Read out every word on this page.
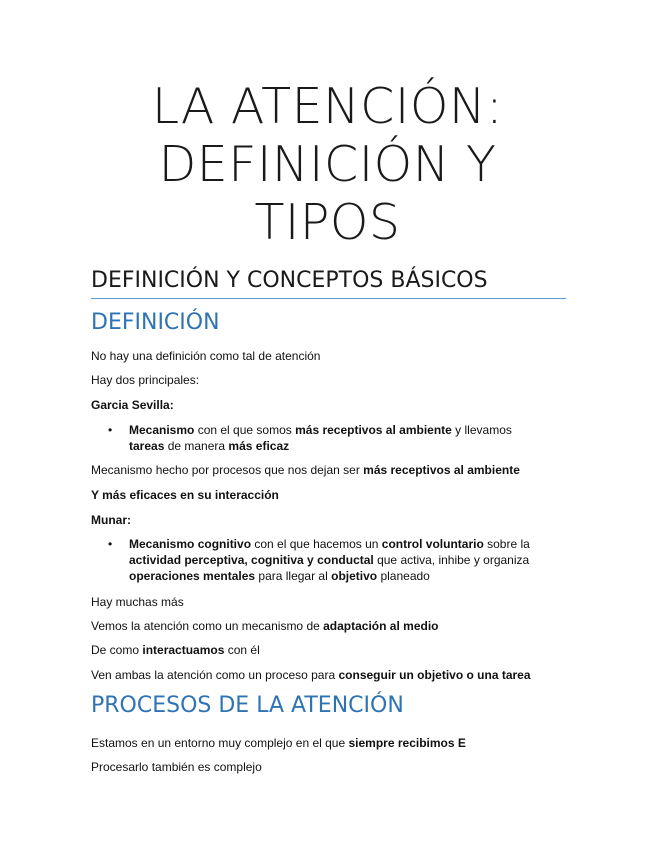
LA ATENCIÓN:
DEFINICIÓN Y
TIPOS
DEFINICIÓN Y CONCEPTOS BÁSICOS
DEFINICIÓN
No hay una definición como tal de atención
Hay dos principales:
Garcia Sevilla:
• Mecanismo con el que somos más receptivos al ambiente y llevamos
tareas de manera más eficaz
Mecanismo hecho por procesos que nos dejan ser más receptivos al ambiente
Y más eficaces en su interacción
Munar:
• Mecanismo cognitivo con el que hacemos un control voluntario sobre la
actividad perceptiva, cognitiva y conductal que activa, inhibe y organiza
operaciones mentales para llegar al objetivo planeado
Hay muchas más
Vemos la atención como un mecanismo de adaptación al medio
De como interactuamos con él
Ven ambas la atención como un proceso para conseguir un objetivo o una tarea
PROCESOS DE LA ATENCIÓN
Estamos en un entorno muy complejo en el que siempre recibimos E
Procesarlo también es complejo
